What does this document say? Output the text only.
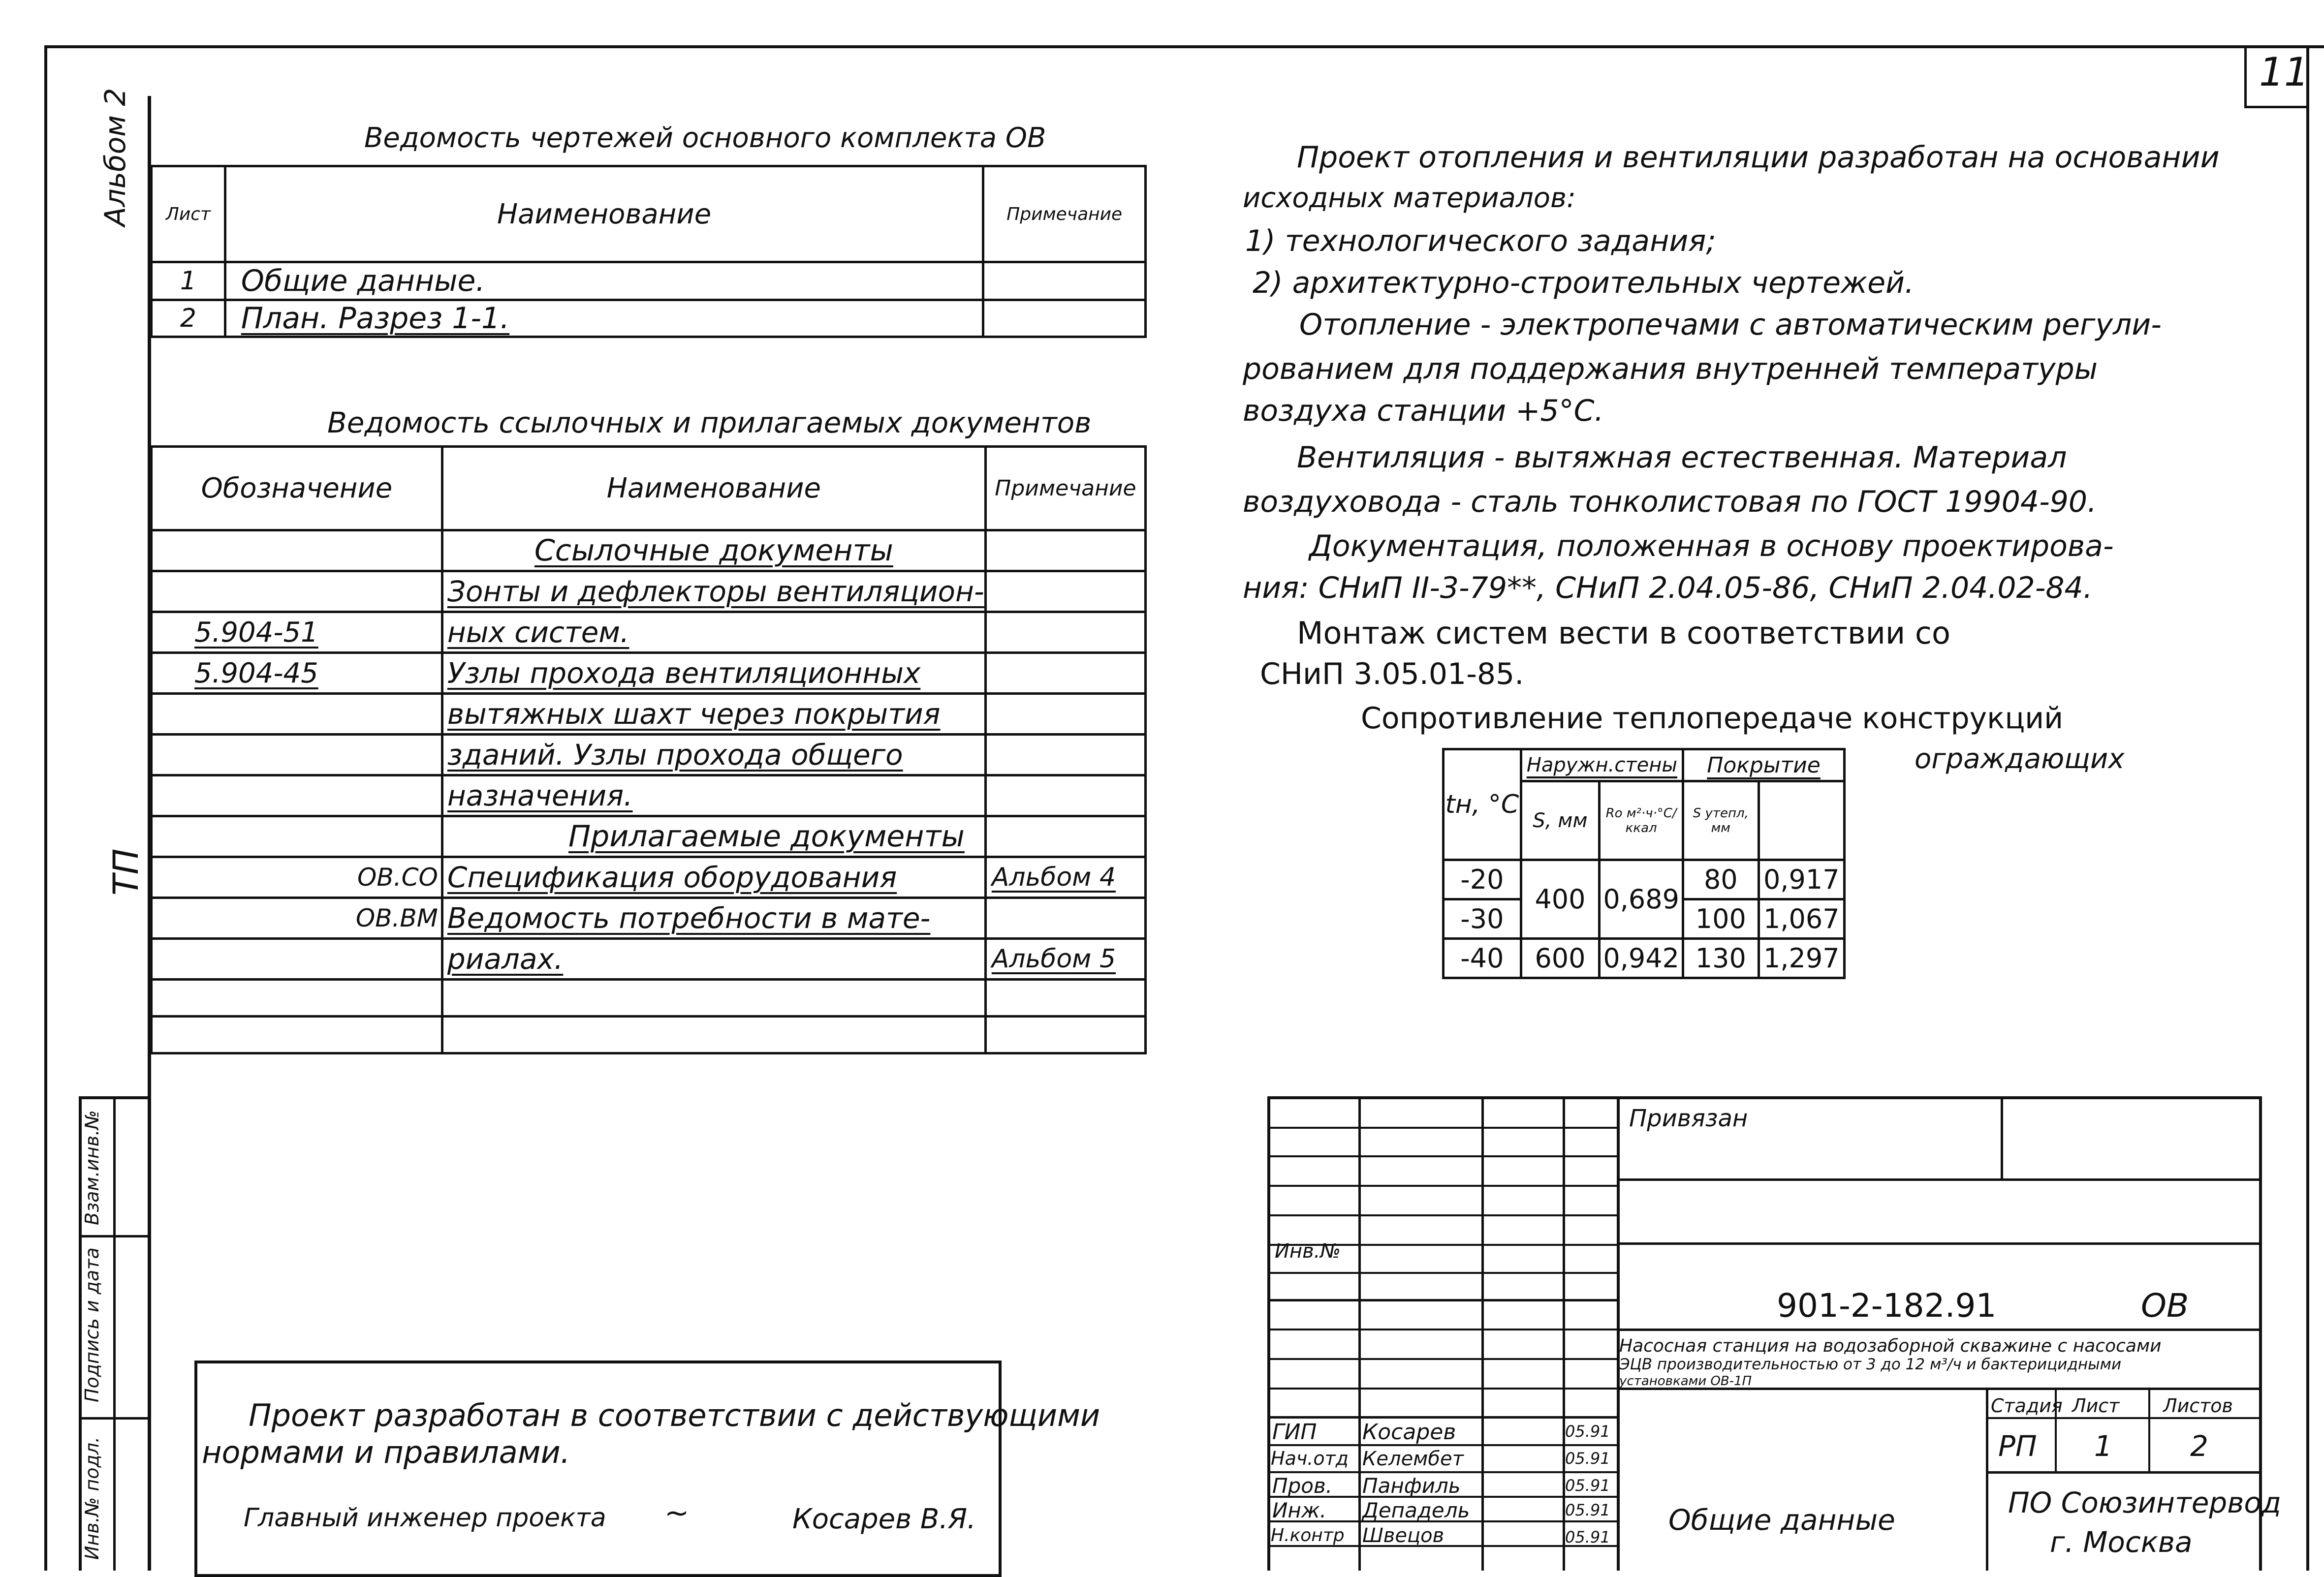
11
Альбом 2
ТП
Взам.инв.№
Подпись и дата
Инв.№ подл.
Ведомость чертежей основного комплекта ОВ
Лист	Наименование	Примечание
1	Общие данные.	
2	План. Разрез 1-1.	
Ведомость ссылочных и прилагаемых документов
Обозначение	Наименование	Примечание
	Ссылочные документы	
	Зонты и дефлекторы вентиляцион-	
5.904-51	ных систем.	
5.904-45	Узлы прохода вентиляционных	
	вытяжных шахт через покрытия	
	зданий. Узлы прохода общего	
	назначения.	
	Прилагаемые документы	
ОВ.СО	Спецификация оборудования	Альбом 4
ОВ.ВМ	Ведомость потребности в мате-	
	риалах.	Альбом 5

Проект разработан в соответствии с действующими
нормами и правилами.
Главный инженер проекта ~	Косарев В.Я.
Проект отопления и вентиляции разработан на основании
исходных материалов:
1) технологического задания;
2) архитектурно-строительных чертежей.
Отопление - электропечами с автоматическим регули-
рованием для поддержания внутренней температуры
воздуха станции +5°С.
Вентиляция - вытяжная естественная. Материал
воздуховода - сталь тонколистовая по ГОСТ 19904-90.
Документация, положенная в основу проектирова-
ния: СНиП II-3-79**, СНиП 2.04.05-86, СНиП 2.04.02-84.
Монтаж систем вести в соответствии со
СНиП 3.05.01-85.
Сопротивление теплопередаче конструкций
ограждающих
tн, °С	Наружн.стены		Покрытие	
	S, мм	Ro м²·ч·°С/ккал	S утепл, мм	
-20	400	0,689	80	0,917
-30			100	1,067
-40	600	0,942	130	1,297
Привязан
Инв.№
901-2-182.91	ОВ
Насосная станция на водозаборной скважине с насосами
ЭЦВ производительностью от 3 до 12 м³/ч и бактерицидными
установками ОВ-1П
Стадия Лист Листов
РП 1	2
Общие данные
ПО Союзинтервод
г. Москва
ГИП Косарев	05.91
Нач.отд Келембет	05.91
Пров. Панфиль	05.91
Инж. Депадель	05.91
Н.контр Швецов	05.91
